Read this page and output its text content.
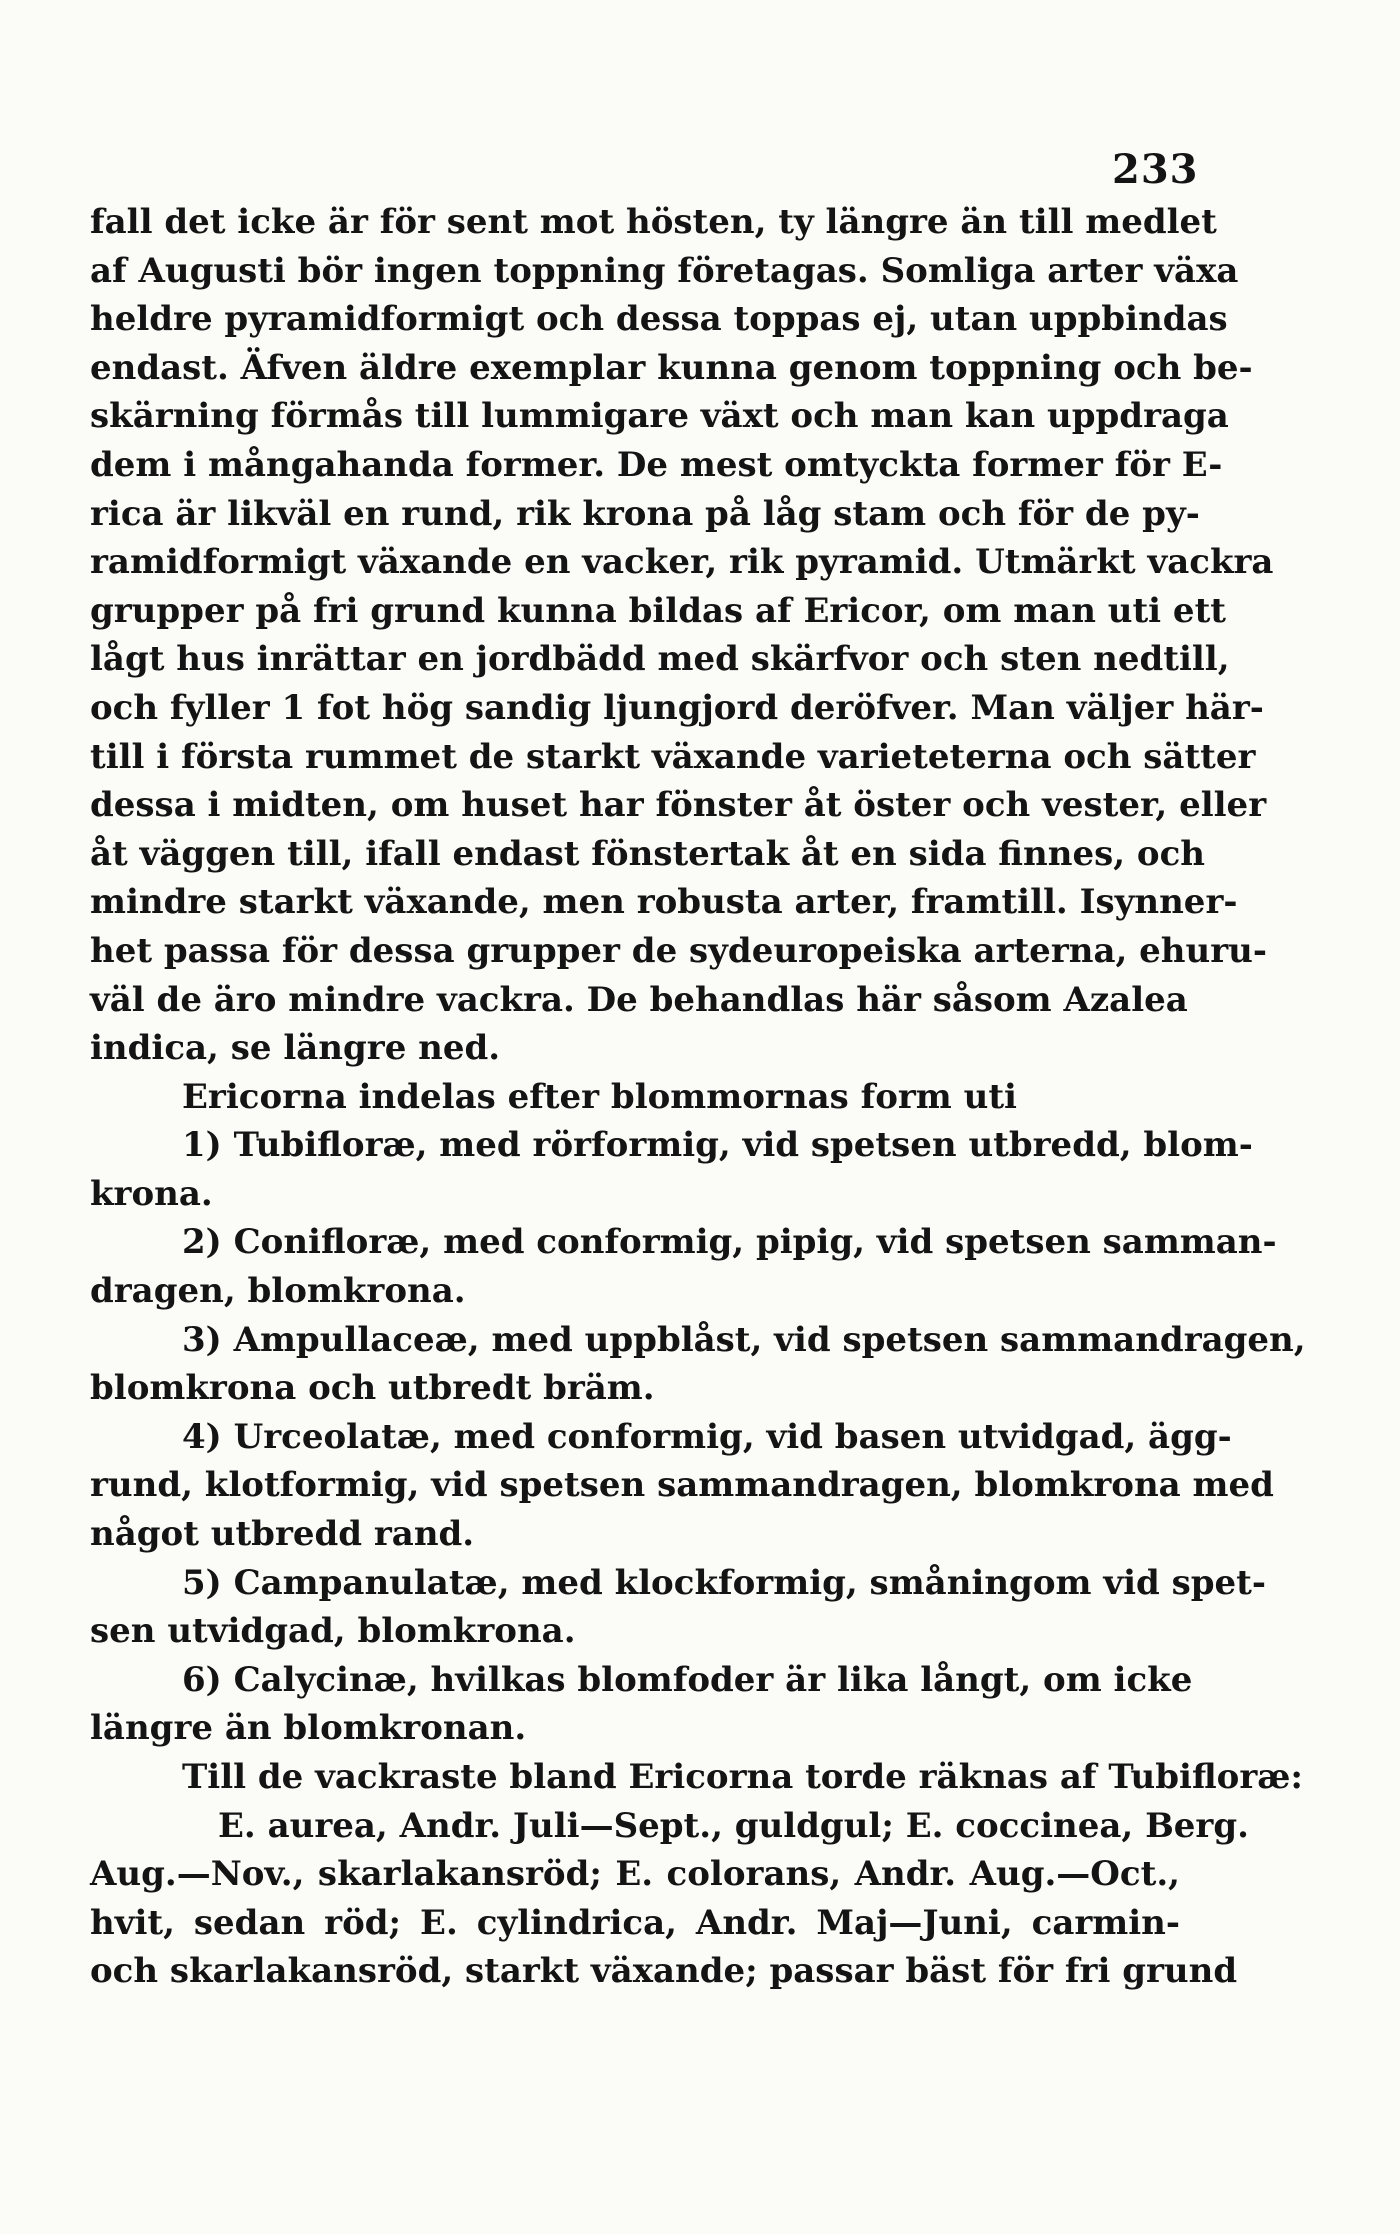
233
fall det icke är för sent mot hösten, ty längre än till medlet
af Augusti bör ingen toppning företagas. Somliga arter växa
heldre pyramidformigt och dessa toppas ej, utan uppbindas
endast. Äfven äldre exemplar kunna genom toppning och be-
skärning förmås till lummigare växt och man kan uppdraga
dem i mångahanda former. De mest omtyckta former för E-
rica är likväl en rund, rik krona på låg stam och för de py-
ramidformigt växande en vacker, rik pyramid. Utmärkt vackra
grupper på fri grund kunna bildas af Ericor, om man uti ett
lågt hus inrättar en jordbädd med skärfvor och sten nedtill,
och fyller 1 fot hög sandig ljungjord deröfver. Man väljer här-
till i första rummet de starkt växande varieteterna och sätter
dessa i midten, om huset har fönster åt öster och vester, eller
åt väggen till, ifall endast fönstertak åt en sida finnes, och
mindre starkt växande, men robusta arter, framtill. Isynner-
het passa för dessa grupper de sydeuropeiska arterna, ehuru-
väl de äro mindre vackra. De behandlas här såsom Azalea
indica, se längre ned.
Ericorna indelas efter blommornas form uti
1) Tubifloræ, med rörformig, vid spetsen utbredd, blom-
krona.
2) Conifloræ, med conformig, pipig, vid spetsen samman-
dragen, blomkrona.
3) Ampullaceæ, med uppblåst, vid spetsen sammandragen,
blomkrona och utbredt bräm.
4) Urceolatæ, med conformig, vid basen utvidgad, ägg-
rund, klotformig, vid spetsen sammandragen, blomkrona med
något utbredd rand.
5) Campanulatæ, med klockformig, småningom vid spet-
sen utvidgad, blomkrona.
6) Calycinæ, hvilkas blomfoder är lika långt, om icke
längre än blomkronan.
Till de vackraste bland Ericorna torde räknas af Tubifloræ:
E. aurea, Andr. Juli—Sept., guldgul; E. coccinea, Berg.
Aug.—Nov., skarlakansröd; E. colorans, Andr. Aug.—Oct.,
hvit, sedan röd; E. cylindrica, Andr. Maj—Juni, carmin-
och skarlakansröd, starkt växande; passar bäst för fri grund
